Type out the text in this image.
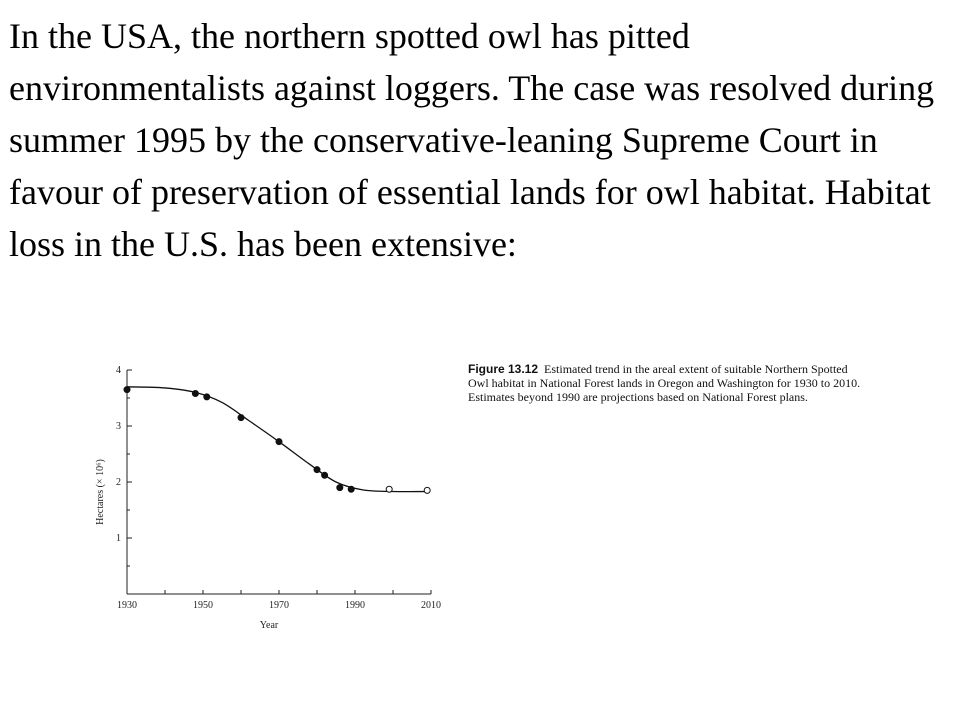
In the USA, the northern spotted owl has pitted environmentalists against loggers. The case was resolved during summer 1995 by the conservative-leaning Supreme Court in favour of preservation of essential lands for owl habitat. Habitat loss in the U.S. has been extensive:

1
2
3
4
1930	1950	1970	1990	2010
Year
Hectares (× 10⁶)
Figure 13.12 Estimated trend in the areal extent of suitable Northern Spotted Owl habitat in National Forest lands in Oregon and Washington for 1930 to 2010. Estimates beyond 1990 are projections based on National Forest plans.
